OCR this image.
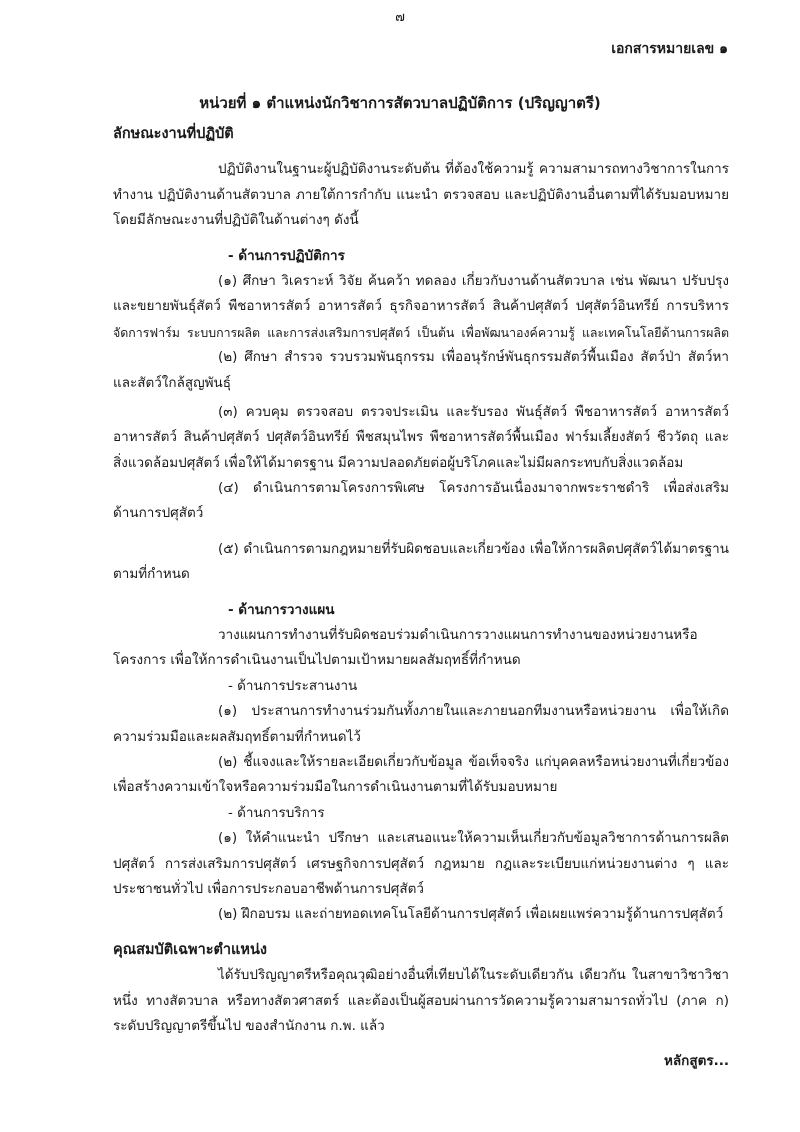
๗
เอกสารหมายเลข ๑
หน่วยที่ ๑ ตำแหน่งนักวิชาการสัตวบาลปฏิบัติการ (ปริญญาตรี)
ลักษณะงานที่ปฏิบัติ
ปฏิบัติงานในฐานะผู้ปฏิบัติงานระดับต้น ที่ต้องใช้ความรู้ ความสามารถทางวิชาการในการ
ทำงาน ปฏิบัติงานด้านสัตวบาล ภายใต้การกำกับ แนะนำ ตรวจสอบ และปฏิบัติงานอื่นตามที่ได้รับมอบหมาย
โดยมีลักษณะงานที่ปฏิบัติในด้านต่างๆ ดังนี้
- ด้านการปฏิบัติการ
(๑) ศึกษา วิเคราะห์ วิจัย ค้นคว้า ทดลอง เกี่ยวกับงานด้านสัตวบาล เช่น พัฒนา ปรับปรุง
และขยายพันธุ์สัตว์ พืชอาหารสัตว์ อาหารสัตว์ ธุรกิจอาหารสัตว์ สินค้าปศุสัตว์ ปศุสัตว์อินทรีย์ การบริหาร
จัดการฟาร์ม ระบบการผลิต และการส่งเสริมการปศุสัตว์ เป็นต้น เพื่อพัฒนาองค์ความรู้ และเทคโนโลยีด้านการผลิต
(๒) ศึกษา สำรวจ รวบรวมพันธุกรรม เพื่ออนุรักษ์พันธุกรรมสัตว์พื้นเมือง สัตว์ป่า สัตว์หา
และสัตว์ใกล้สูญพันธุ์
(๓) ควบคุม ตรวจสอบ ตรวจประเมิน และรับรอง พันธุ์สัตว์ พืชอาหารสัตว์ อาหารสัตว์
อาหารสัตว์ สินค้าปศุสัตว์ ปศุสัตว์อินทรีย์ พืชสมุนไพร พืชอาหารสัตว์พื้นเมือง ฟาร์มเลี้ยงสัตว์ ชีววัตถุ และ
สิ่งแวดล้อมปศุสัตว์ เพื่อให้ได้มาตรฐาน มีความปลอดภัยต่อผู้บริโภคและไม่มีผลกระทบกับสิ่งแวดล้อม
(๔) ดำเนินการตามโครงการพิเศษ โครงการอันเนื่องมาจากพระราชดำริ เพื่อส่งเสริม
ด้านการปศุสัตว์
(๕) ดำเนินการตามกฎหมายที่รับผิดชอบและเกี่ยวข้อง เพื่อให้การผลิตปศุสัตว์ได้มาตรฐาน
ตามที่กำหนด
- ด้านการวางแผน
วางแผนการทำงานที่รับผิดชอบร่วมดำเนินการวางแผนการทำงานของหน่วยงานหรือ
โครงการ เพื่อให้การดำเนินงานเป็นไปตามเป้าหมายผลสัมฤทธิ์ที่กำหนด
- ด้านการประสานงาน
(๑) ประสานการทำงานร่วมกันทั้งภายในและภายนอกทีมงานหรือหน่วยงาน เพื่อให้เกิด
ความร่วมมือและผลสัมฤทธิ์ตามที่กำหนดไว้
(๒) ชี้แจงและให้รายละเอียดเกี่ยวกับข้อมูล ข้อเท็จจริง แก่บุคคลหรือหน่วยงานที่เกี่ยวข้อง
เพื่อสร้างความเข้าใจหรือความร่วมมือในการดำเนินงานตามที่ได้รับมอบหมาย
- ด้านการบริการ
(๑) ให้คำแนะนำ ปรึกษา และเสนอแนะให้ความเห็นเกี่ยวกับข้อมูลวิชาการด้านการผลิต
ปศุสัตว์ การส่งเสริมการปศุสัตว์ เศรษฐกิจการปศุสัตว์ กฎหมาย กฎและระเบียบแก่หน่วยงานต่าง ๆ และ
ประชาชนทั่วไป เพื่อการประกอบอาชีพด้านการปศุสัตว์
(๒) ฝึกอบรม และถ่ายทอดเทคโนโลยีด้านการปศุสัตว์ เพื่อเผยแพร่ความรู้ด้านการปศุสัตว์
คุณสมบัติเฉพาะตำแหน่ง
ได้รับปริญญาตรีหรือคุณวุฒิอย่างอื่นที่เทียบได้ในระดับเดียวกัน เดียวกัน ในสาขาวิชาวิชา
หนึ่ง ทางสัตวบาล หรือทางสัตวศาสตร์ และต้องเป็นผู้สอบผ่านการวัดความรู้ความสามารถทั่วไป (ภาค ก)
ระดับปริญญาตรีขึ้นไป ของสำนักงาน ก.พ. แล้ว
หลักสูตร...
